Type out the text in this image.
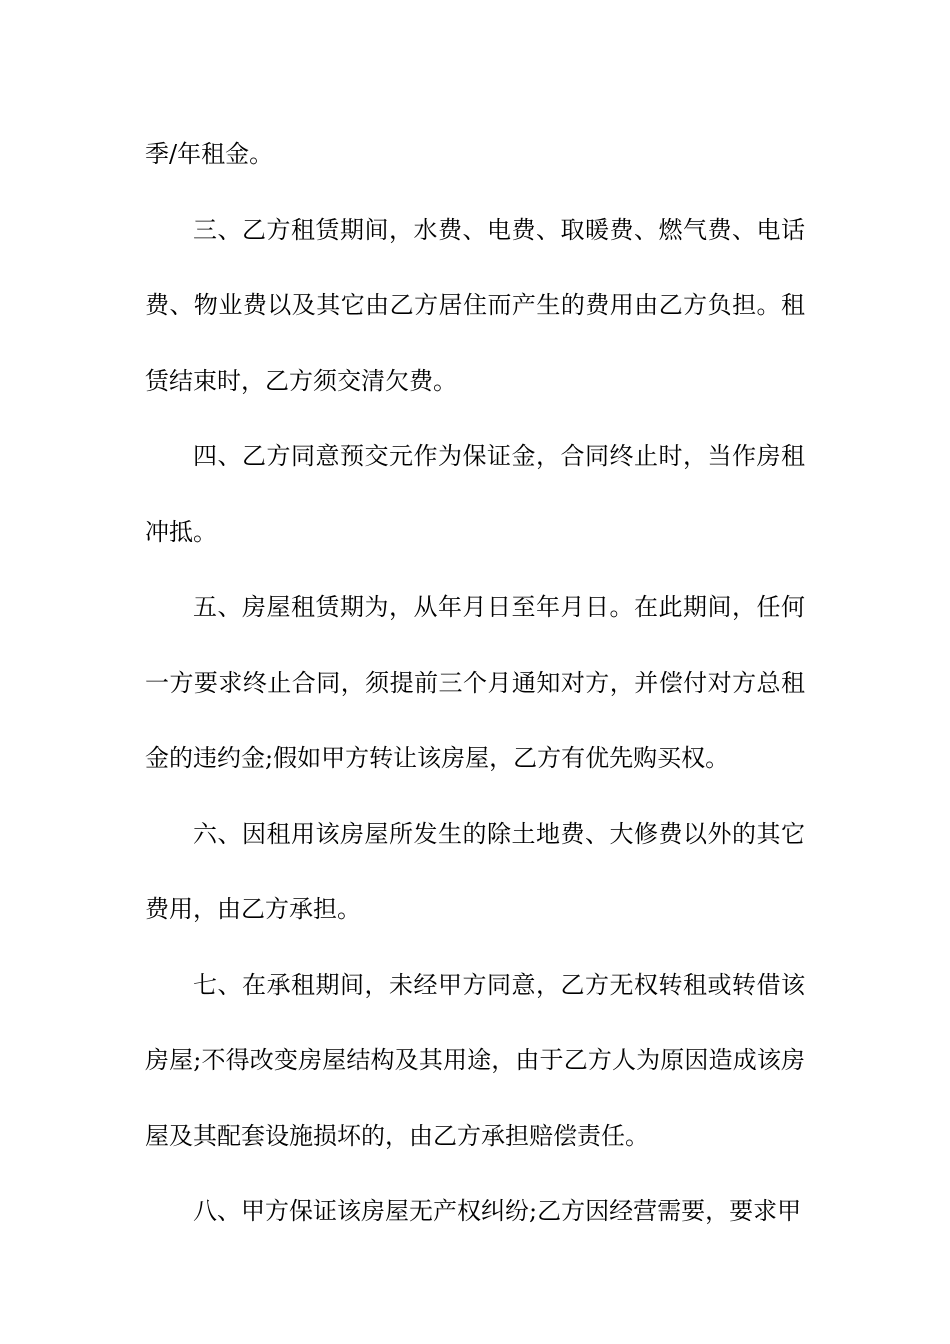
季/年租金。

三、乙方租赁期间，水费、电费、取暖费、燃气费、电话费、物业费以及其它由乙方居住而产生的费用由乙方负担。租赁结束时，乙方须交清欠费。

四、乙方同意预交元作为保证金，合同终止时，当作房租冲抵。

五、房屋租赁期为，从年月日至年月日。在此期间，任何一方要求终止合同，须提前三个月通知对方，并偿付对方总租金的违约金;假如甲方转让该房屋，乙方有优先购买权。

六、因租用该房屋所发生的除土地费、大修费以外的其它费用，由乙方承担。

七、在承租期间，未经甲方同意，乙方无权转租或转借该房屋;不得改变房屋结构及其用途，由于乙方人为原因造成该房屋及其配套设施损坏的，由乙方承担赔偿责任。

八、甲方保证该房屋无产权纠纷;乙方因经营需要，要求甲
